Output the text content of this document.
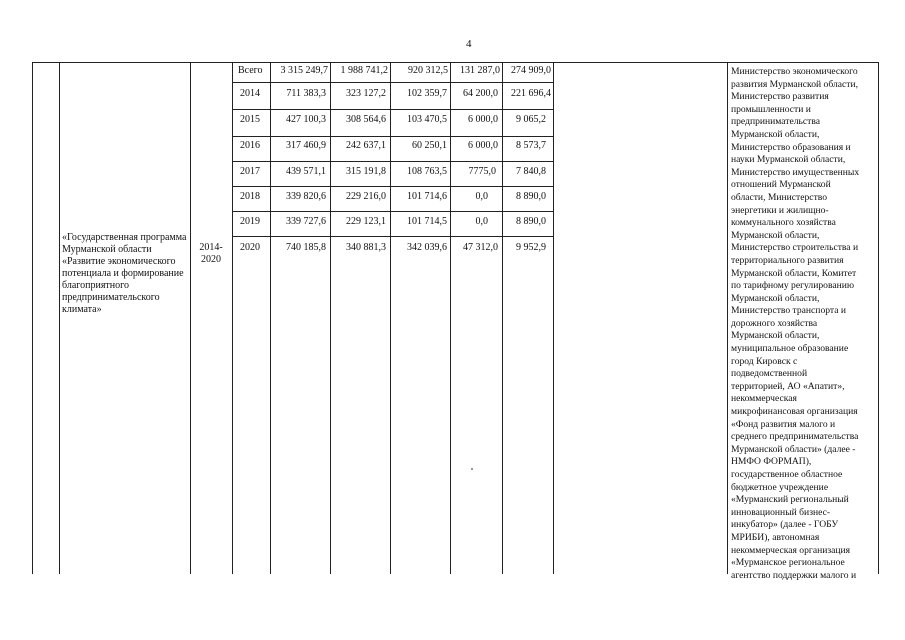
4
Всего	3 315 249,7	1 988 741,2	920 312,5	131 287,0	274 909,0
2014	711 383,3	323 127,2	102 359,7	64 200,0	221 696,4
2015	427 100,3	308 564,6	103 470,5	6 000,0	9 065,2
2016	317 460,9	242 637,1	60 250,1	6 000,0	8 573,7
2017	439 571,1	315 191,8	108 763,5	7775,0	7 840,8
2018	339 820,6	229 216,0	101 714,6	0,0	8 890,0
2019	339 727,6	229 123,1	101 714,5	0,0	8 890,0
2020	740 185,8	340 881,3	342 039,6	47 312,0	9 952,9
«Государственная программа Мурманской области «Развитие экономического потенциала и формирование благоприятного предпринимательского климата»
2014-2020
Министерство экономического
развития Мурманской области,
Министерство развития
промышленности и
предпринимательства
Мурманской области,
Министерство образования и
науки Мурманской области,
Министерство имущественных
отношений Мурманской
области, Министерство
энергетики и жилищно-
коммунального хозяйства
Мурманской области,
Министерство строительства и
территориального развития
Мурманской области, Комитет
по тарифному регулированию
Мурманской области,
Министерство транспорта и
дорожного хозяйства
Мурманской области,
муниципальное образование
город Кировск с
подведомственной
территорией, АО «Апатит»,
некоммерческая
микрофинансовая организация
«Фонд развития малого и
среднего предпринимательства
Мурманской области» (далее -
НМФО ФОРМАП),
государственное областное
бюджетное учреждение
«Мурманский региональный
инновационный бизнес-
инкубатор» (далее - ГОБУ
МРИБИ), автономная
некоммерческая организация
«Мурманское региональное
агентство поддержки малого и
